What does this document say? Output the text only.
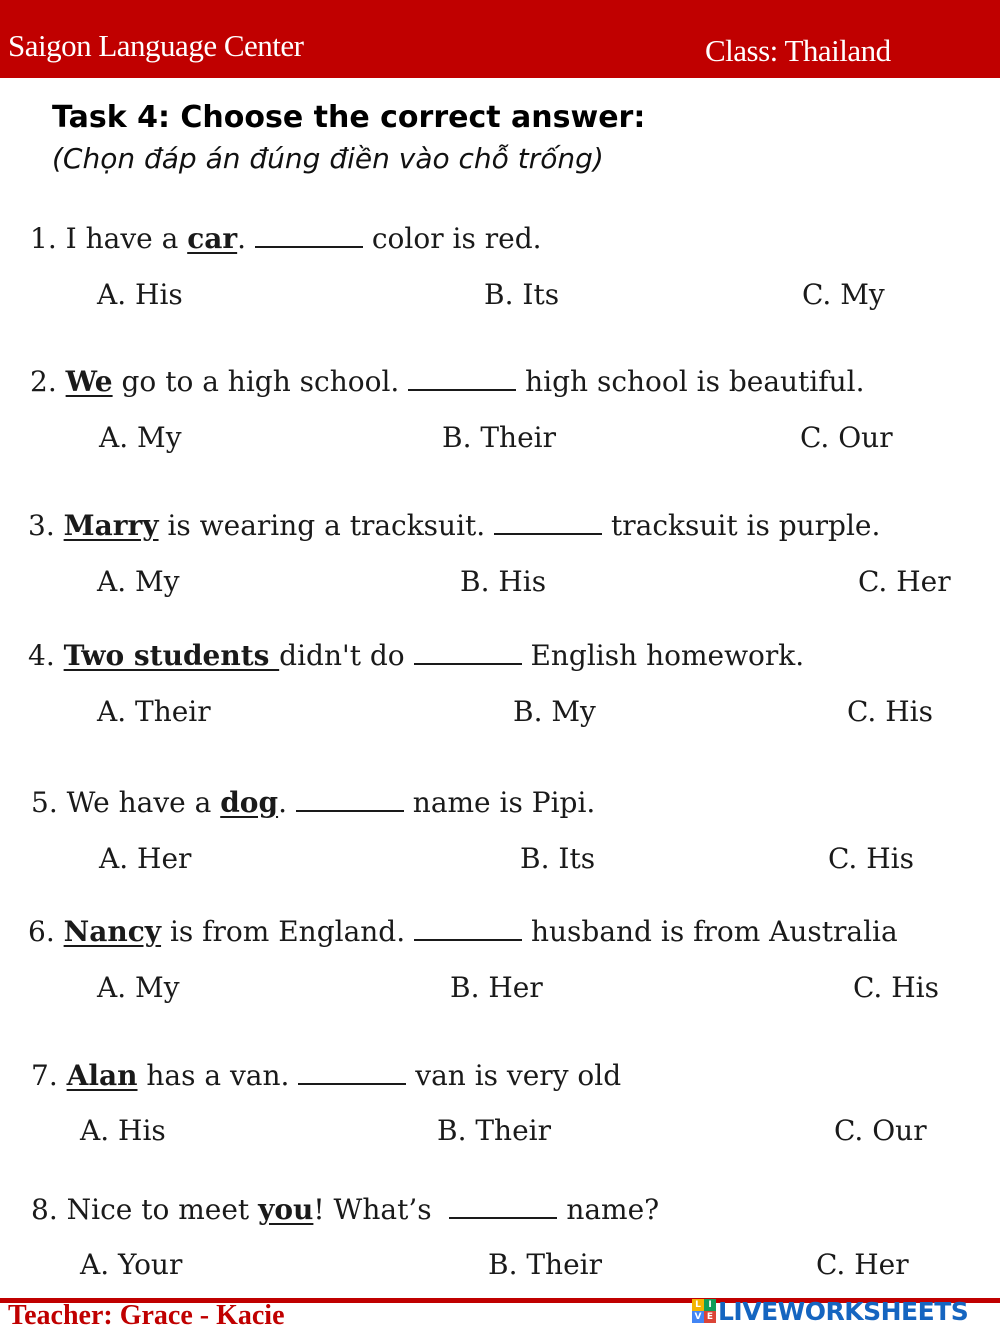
Saigon Language Center	Class: Thailand
Task 4: Choose the correct answer:
(Chọn đáp án đúng điền vào chỗ trống)
1. I have a car.	color is red.
A. His	B. Its	C. My
2. We go to a high school.	high school is beautiful.
A. My	B. Their	C. Our
3. Marry is wearing a tracksuit.	tracksuit is purple.
A. My	B. His	C. Her
4. Two students didn't do	English homework.
A. Their	B. My	C. His
5. We have a dog.	name is Pipi.
A. Her	B. Its	C. His
6. Nancy is from England.	husband is from Australia
A. My	B. Her	C. His
7. Alan has a van.	van is very old
A. His	B. Their	C. Our
8. Nice to meet you! What’s	name?
A. Your	B. Their	C. Her
Teacher: Grace - Kacie	L I
V E LIVEWORKSHEETS
